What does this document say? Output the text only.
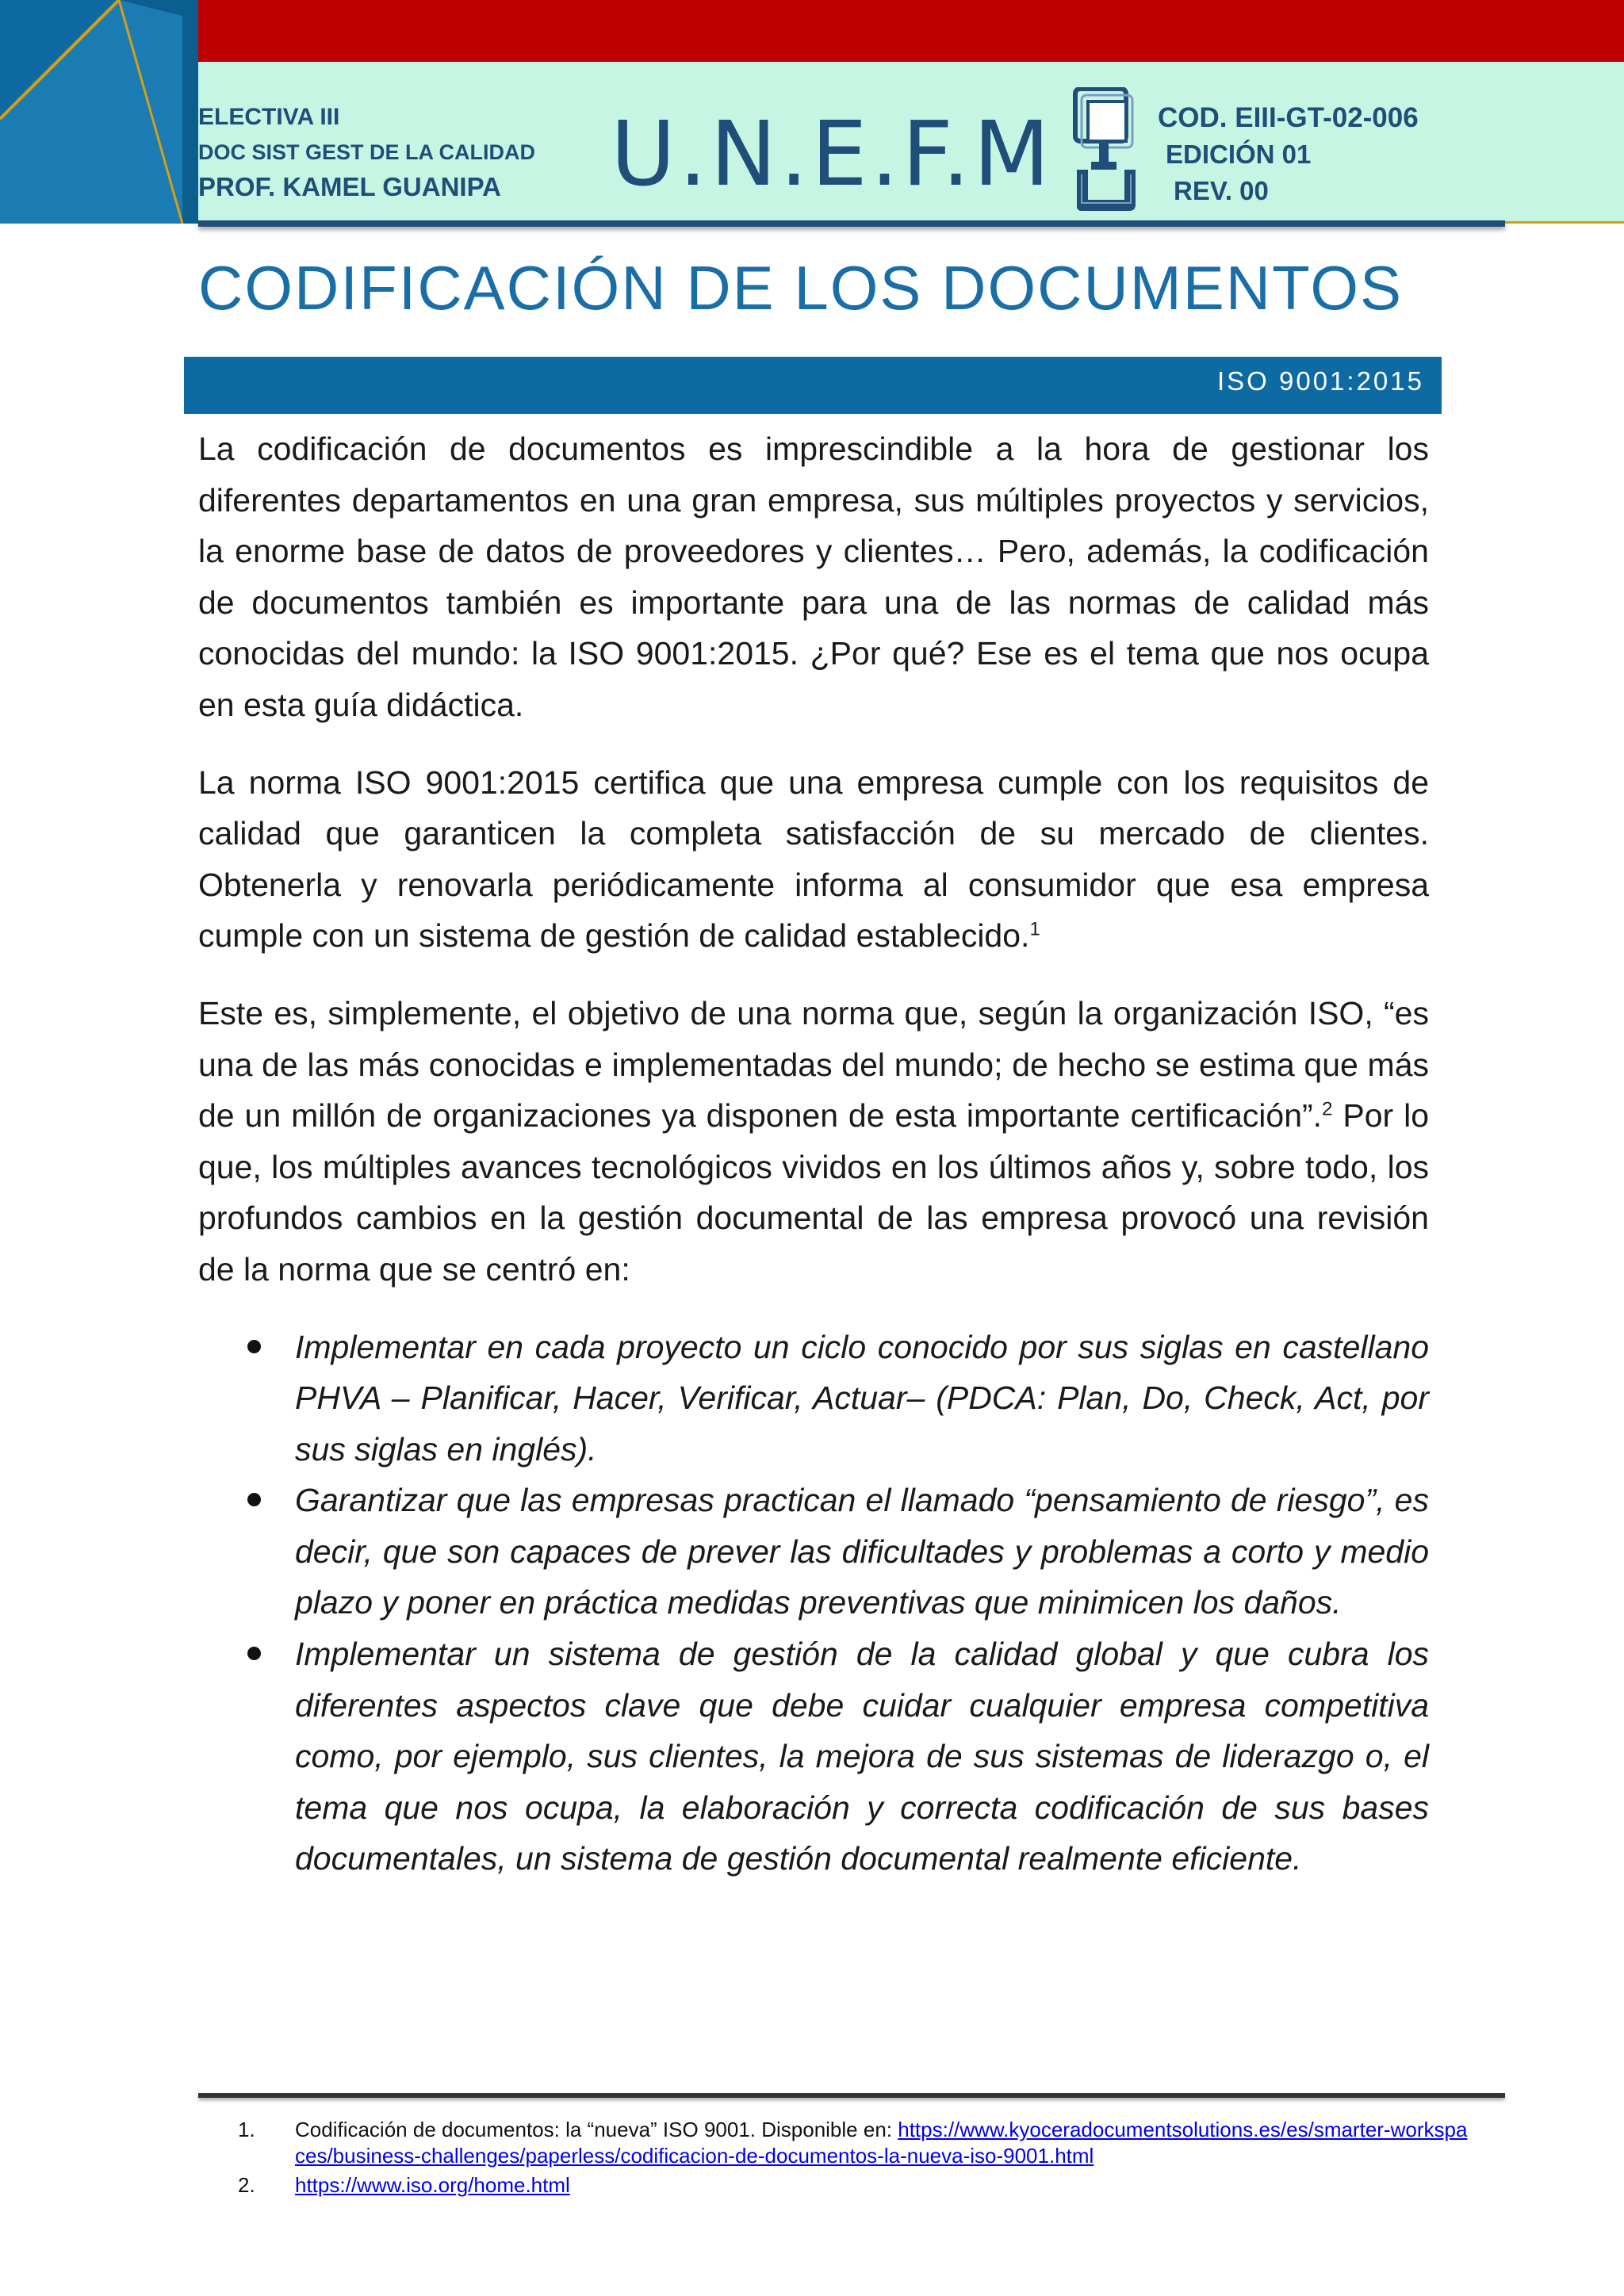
ELECTIVA III
DOC SIST GEST DE LA CALIDAD
PROF. KAMEL GUANIPA	U.N.E.F.M	COD. EIII-GT-02-006
EDICIÓN 01
REV. 00
CODIFICACIÓN DE LOS DOCUMENTOS
ISO 9001:2015

La codificación de documentos es imprescindible a la hora de gestionar los diferentes departamentos en una gran empresa, sus múltiples proyectos y servicios, la enorme base de datos de proveedores y clientes… Pero, además, la codificación de documentos también es importante para una de las normas de calidad más conocidas del mundo: la ISO 9001:2015. ¿Por qué? Ese es el tema que nos ocupa en esta guía didáctica.

La norma ISO 9001:2015 certifica que una empresa cumple con los requisitos de calidad que garanticen la completa satisfacción de su mercado de clientes. Obtenerla y renovarla periódicamente informa al consumidor que esa empresa cumple con un sistema de gestión de calidad establecido.$^1$

Este es, simplemente, el objetivo de una norma que, según la organización ISO, “es una de las más conocidas e implementadas del mundo; de hecho se estima que más de un millón de organizaciones ya disponen de esta importante certificación”.$^2$ Por lo que, los múltiples avances tecnológicos vividos en los últimos años y, sobre todo, los profundos cambios en la gestión documental de las empresa provocó una revisión de la norma que se centró en:

Implementar en cada proyecto un ciclo conocido por sus siglas en castellano PHVA – Planificar, Hacer, Verificar, Actuar– (PDCA: Plan, Do, Check, Act, por sus siglas en inglés).
Garantizar que las empresas practican el llamado “pensamiento de riesgo”, es decir, que son capaces de prever las dificultades y problemas a corto y medio plazo y poner en práctica medidas preventivas que minimicen los daños.
Implementar un sistema de gestión de la calidad global y que cubra los diferentes aspectos clave que debe cuidar cualquier empresa competitiva como, por ejemplo, sus clientes, la mejora de sus sistemas de liderazgo o, el tema que nos ocupa, la elaboración y correcta codificación de sus bases documentales, un sistema de gestión documental realmente eficiente.
1. Codificación de documentos: la “nueva” ISO 9001. Disponible en: https://www.kyoceradocumentsolutions.es/es/smarter-workspaces/business-challenges/paperless/codificacion-de-documentos-la-nueva-iso-9001.html
2. https://www.iso.org/home.html
